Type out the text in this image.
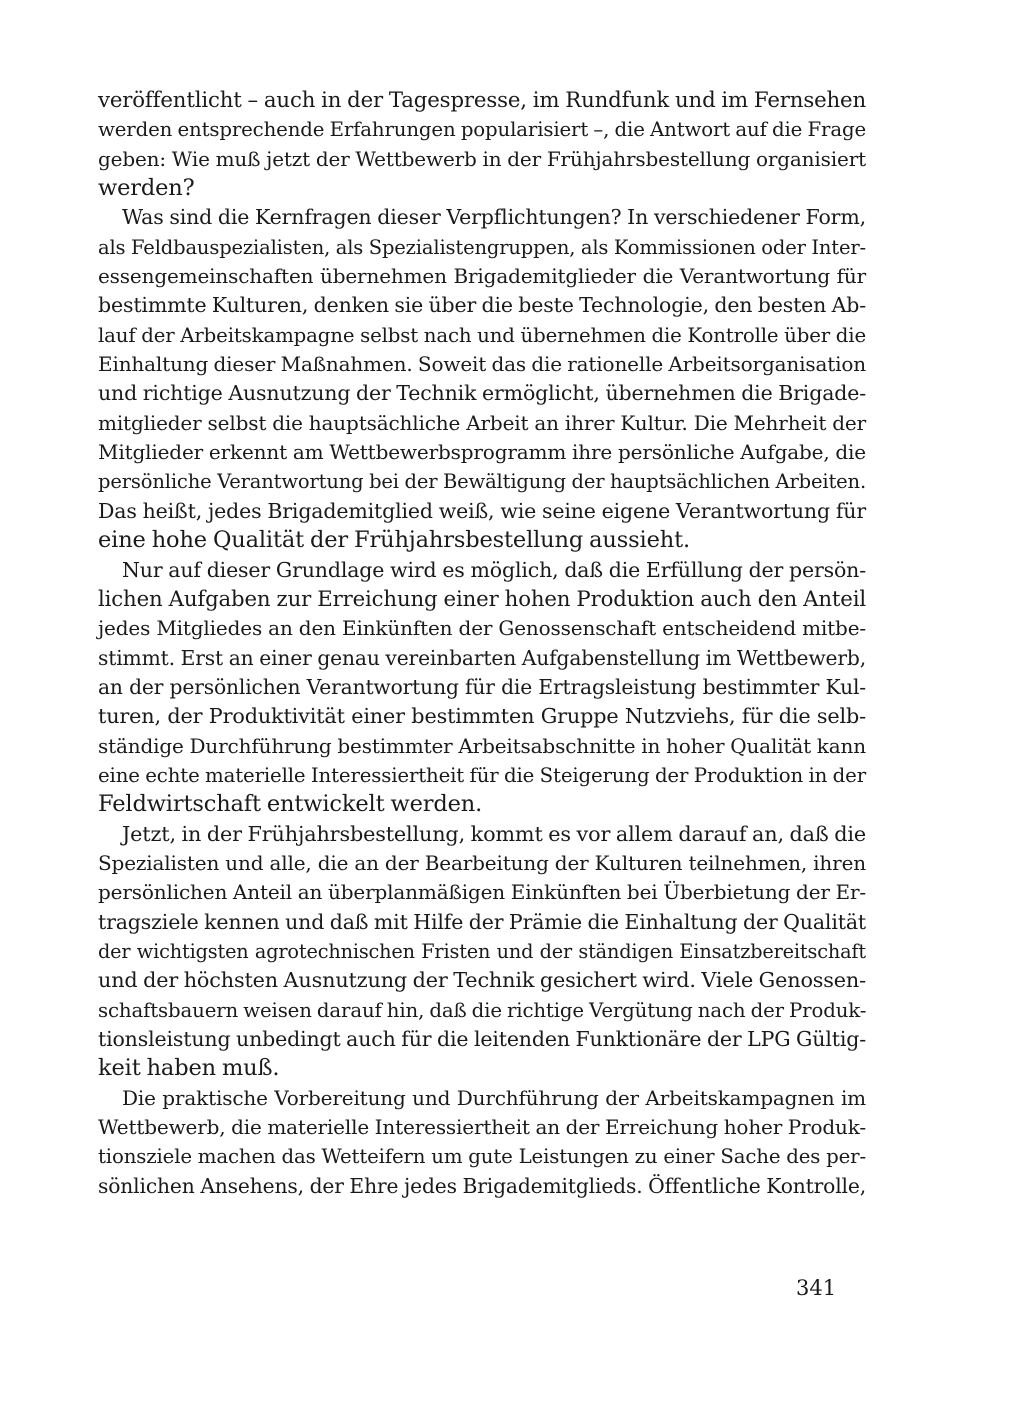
veröffentlicht – auch in der Tagespresse, im Rundfunk und im Fernsehen
werden entsprechende Erfahrungen popularisiert –, die Antwort auf die Frage
geben: Wie muß jetzt der Wettbewerb in der Frühjahrsbestellung organisiert
werden?
Was sind die Kernfragen dieser Verpflichtungen? In verschiedener Form,
als Feldbauspezialisten, als Spezialistengruppen, als Kommissionen oder Inter-
essengemeinschaften übernehmen Brigademitglieder die Verantwortung für
bestimmte Kulturen, denken sie über die beste Technologie, den besten Ab-
lauf der Arbeitskampagne selbst nach und übernehmen die Kontrolle über die
Einhaltung dieser Maßnahmen. Soweit das die rationelle Arbeitsorganisation
und richtige Ausnutzung der Technik ermöglicht, übernehmen die Brigade-
mitglieder selbst die hauptsächliche Arbeit an ihrer Kultur. Die Mehrheit der
Mitglieder erkennt am Wettbewerbsprogramm ihre persönliche Aufgabe, die
persönliche Verantwortung bei der Bewältigung der hauptsächlichen Arbeiten.
Das heißt, jedes Brigademitglied weiß, wie seine eigene Verantwortung für
eine hohe Qualität der Frühjahrsbestellung aussieht.
Nur auf dieser Grundlage wird es möglich, daß die Erfüllung der persön-
lichen Aufgaben zur Erreichung einer hohen Produktion auch den Anteil
jedes Mitgliedes an den Einkünften der Genossenschaft entscheidend mitbe-
stimmt. Erst an einer genau vereinbarten Aufgabenstellung im Wettbewerb,
an der persönlichen Verantwortung für die Ertragsleistung bestimmter Kul-
turen, der Produktivität einer bestimmten Gruppe Nutzviehs, für die selb-
ständige Durchführung bestimmter Arbeitsabschnitte in hoher Qualität kann
eine echte materielle Interessiertheit für die Steigerung der Produktion in der
Feldwirtschaft entwickelt werden.
Jetzt, in der Frühjahrsbestellung, kommt es vor allem darauf an, daß die
Spezialisten und alle, die an der Bearbeitung der Kulturen teilnehmen, ihren
persönlichen Anteil an überplanmäßigen Einkünften bei Überbietung der Er-
tragsziele kennen und daß mit Hilfe der Prämie die Einhaltung der Qualität
der wichtigsten agrotechnischen Fristen und der ständigen Einsatzbereitschaft
und der höchsten Ausnutzung der Technik gesichert wird. Viele Genossen-
schaftsbauern weisen darauf hin, daß die richtige Vergütung nach der Produk-
tionsleistung unbedingt auch für die leitenden Funktionäre der LPG Gültig-
keit haben muß.
Die praktische Vorbereitung und Durchführung der Arbeitskampagnen im
Wettbewerb, die materielle Interessiertheit an der Erreichung hoher Produk-
tionsziele machen das Wetteifern um gute Leistungen zu einer Sache des per-
sönlichen Ansehens, der Ehre jedes Brigademitglieds. Öffentliche Kontrolle,
341
